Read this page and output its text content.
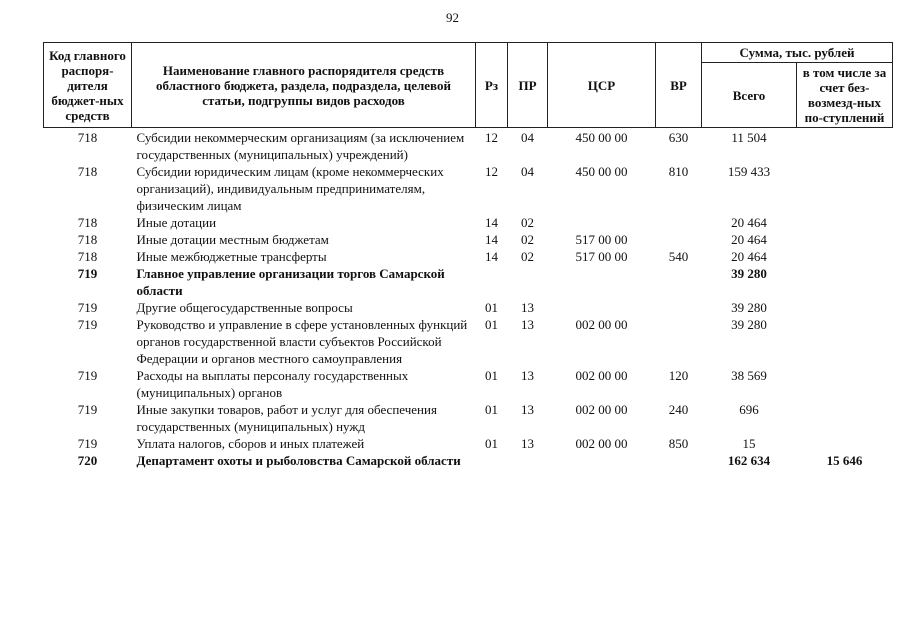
92
Код главного распоря-дителя бюджет-ных средств	Наименование главного распорядителя средств областного бюджета, раздела, подраздела, целевой статьи, подгруппы видов расходов	Рз	ПР	ЦСР	ВР	Сумма, тыс. рублей	
						Всего	в том числе за счет без-возмезд-ных по-ступлений
718	Субсидии некоммерческим организациям (за исключением государственных (муниципальных) учреждений)	12	04	450 00 00	630	11 504	
718	Субсидии юридическим лицам (кроме некоммерческих организаций), индивидуальным предпринимателям, физическим лицам	12	04	450 00 00	810	159 433	
718	Иные дотации	14	02			20 464	
718	Иные дотации местным бюджетам	14	02	517 00 00		20 464	
718	Иные межбюджетные трансферты	14	02	517 00 00	540	20 464	
719	Главное управление организации торгов Самарской области					39 280	
719	Другие общегосударственные вопросы	01	13			39 280	
719	Руководство и управление в сфере установленных функций органов государственной власти субъектов Российской Федерации и органов местного самоуправления	01	13	002 00 00		39 280	
719	Расходы на выплаты персоналу государственных (муниципальных) органов	01	13	002 00 00	120	38 569	
719	Иные закупки товаров, работ и услуг для обеспечения государственных (муниципальных) нужд	01	13	002 00 00	240	696	
719	Уплата налогов, сборов и иных платежей	01	13	002 00 00	850	15	
720	Департамент охоты и рыболовства Самарской области					162 634	15 646
